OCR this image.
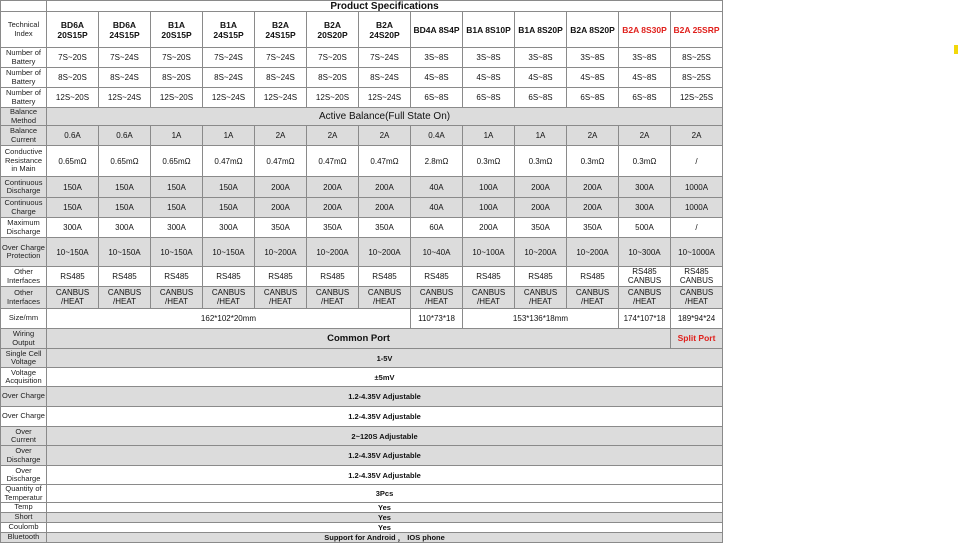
	Product Specifications												
Technical Index	BD6A 20S15P	BD6A 24S15P	B1A 20S15P	B1A 24S15P	B2A 24S15P	B2A 20S20P	B2A 24S20P	BD4A 8S4P	B1A 8S10P	B1A 8S20P	B2A 8S20P	B2A 8S30P	B2A 25SRP
Number of Battery	7S~20S	7S~24S	7S~20S	7S~24S	7S~24S	7S~20S	7S~24S	3S~8S	3S~8S	3S~8S	3S~8S	3S~8S	8S~25S
Number of Battery	8S~20S	8S~24S	8S~20S	8S~24S	8S~24S	8S~20S	8S~24S	4S~8S	4S~8S	4S~8S	4S~8S	4S~8S	8S~25S
Number of Battery	12S~20S	12S~24S	12S~20S	12S~24S	12S~24S	12S~20S	12S~24S	6S~8S	6S~8S	6S~8S	6S~8S	6S~8S	12S~25S
Balance Method	Active Balance(Full State On)												
Balance Current	0.6A	0.6A	1A	1A	2A	2A	2A	0.4A	1A	1A	2A	2A	2A
Conductive Resistance in Main	0.65mΩ	0.65mΩ	0.65mΩ	0.47mΩ	0.47mΩ	0.47mΩ	0.47mΩ	2.8mΩ	0.3mΩ	0.3mΩ	0.3mΩ	0.3mΩ	/
Continuous Discharge	150A	150A	150A	150A	200A	200A	200A	40A	100A	200A	200A	300A	1000A
Continuous Charge	150A	150A	150A	150A	200A	200A	200A	40A	100A	200A	200A	300A	1000A
Maximum Discharge	300A	300A	300A	300A	350A	350A	350A	60A	200A	350A	350A	500A	/
Over Charge Protection	10~150A	10~150A	10~150A	10~150A	10~200A	10~200A	10~200A	10~40A	10~100A	10~200A	10~200A	10~300A	10~1000A
Other Interfaces	RS485	RS485	RS485	RS485	RS485	RS485	RS485	RS485	RS485	RS485	RS485	RS485 CANBUS	RS485 CANBUS
Other Interfaces	CANBUS /HEAT	CANBUS /HEAT	CANBUS /HEAT	CANBUS /HEAT	CANBUS /HEAT	CANBUS /HEAT	CANBUS /HEAT	CANBUS /HEAT	CANBUS /HEAT	CANBUS /HEAT	CANBUS /HEAT	CANBUS /HEAT	CANBUS /HEAT
Size/mm	162*102*20mm							110*73*18	153*136*18mm			174*107*18	189*94*24
Wiring Output	Common Port												Split Port
Single Cell Voltage	1-5V												
Voltage Acquisition	±5mV												
Over Charge	1.2-4.35V Adjustable												
Over Charge	1.2-4.35V Adjustable												
Over Current	2~120S Adjustable												
Over Discharge	1.2-4.35V Adjustable												
Over Discharge	1.2-4.35V Adjustable												
Quantity of Temperatur	3Pcs												
Temp	Yes												
Short	Yes												
Coulomb	Yes												
Bluetooth	Support for Android ， IOS phone												
